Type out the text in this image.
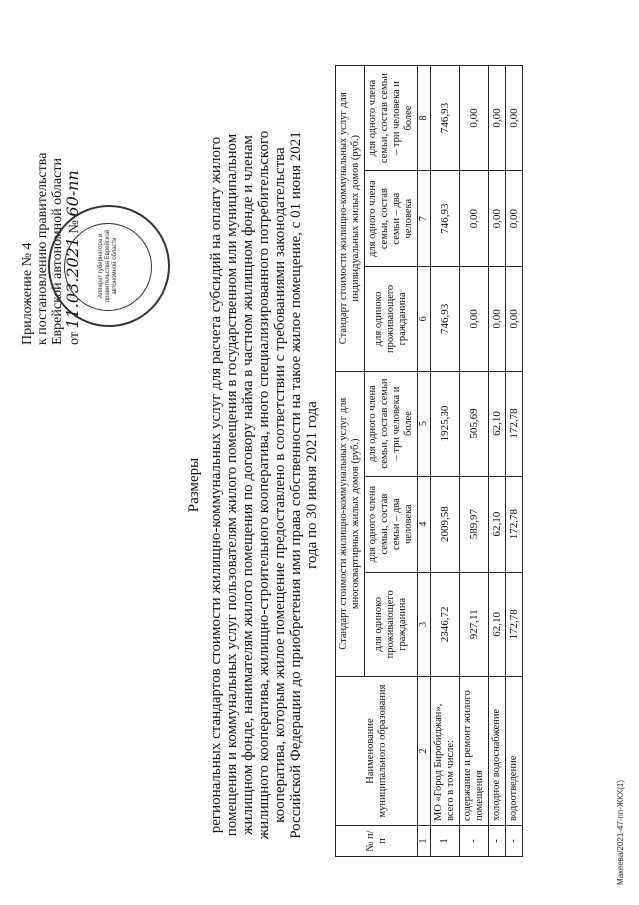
Приложение № 4 к постановлению правительства Еврейской автономной области от 11.03.2021 № 60-пп
Аппарат губернатора и правительства Еврейской автономной области
Размеры региональных стандартов стоимости жилищно-коммунальных услуг для расчета субсидий на оплату жилого помещения и коммунальных услуг пользователям жилого помещения в государственном или муниципальном жилищном фонде, нанимателям жилого помещения по договору найма в частном жилищном фонде и членам жилищного кооператива, жилищно-строительного кооператива, иного специализированного потребительского кооператива, которым жилое помещение предоставлено в соответствии с требованиями законодательства Российской Федерации до приобретения ими права собственности на такое жилое помещение, с 01 июня 2021 года по 30 июня 2021 года
№ п/п	Наименование муниципального образования	Стандарт стоимости жилищно-коммунальных услуг для многоквартирных жилых домов (руб.)			Стандарт стоимости жилищно-коммунальных услуг для индивидуальных жилых домов (руб.)		
		для одиноко проживающего гражданина	для одного члена семьи, состав семьи – два человека	для одного члена семьи, состав семьи – три человека и более	для одиноко проживающего гражданина	для одного члена семьи, состав семьи – два человека	для одного члена семьи, состав семьи – три человека и более
1	2	3	4	5	6	7	8
1	МО «Город Биробиджан», всего в том числе:	2346,72	2009,58	1925,30	746,93	746,93	746,93
-	содержание и ремонт жилого помещения	927,11	589,97	505,69	0,00	0,00	0,00
-	холодное водоснабжение	62,10	62,10	62,10	0,00	0,00	0,00
-	водоотведение	172,78	172,78	172,78	0,00	0,00	0,00
Макеева/2021-47-пп-ЖКХ(1)
